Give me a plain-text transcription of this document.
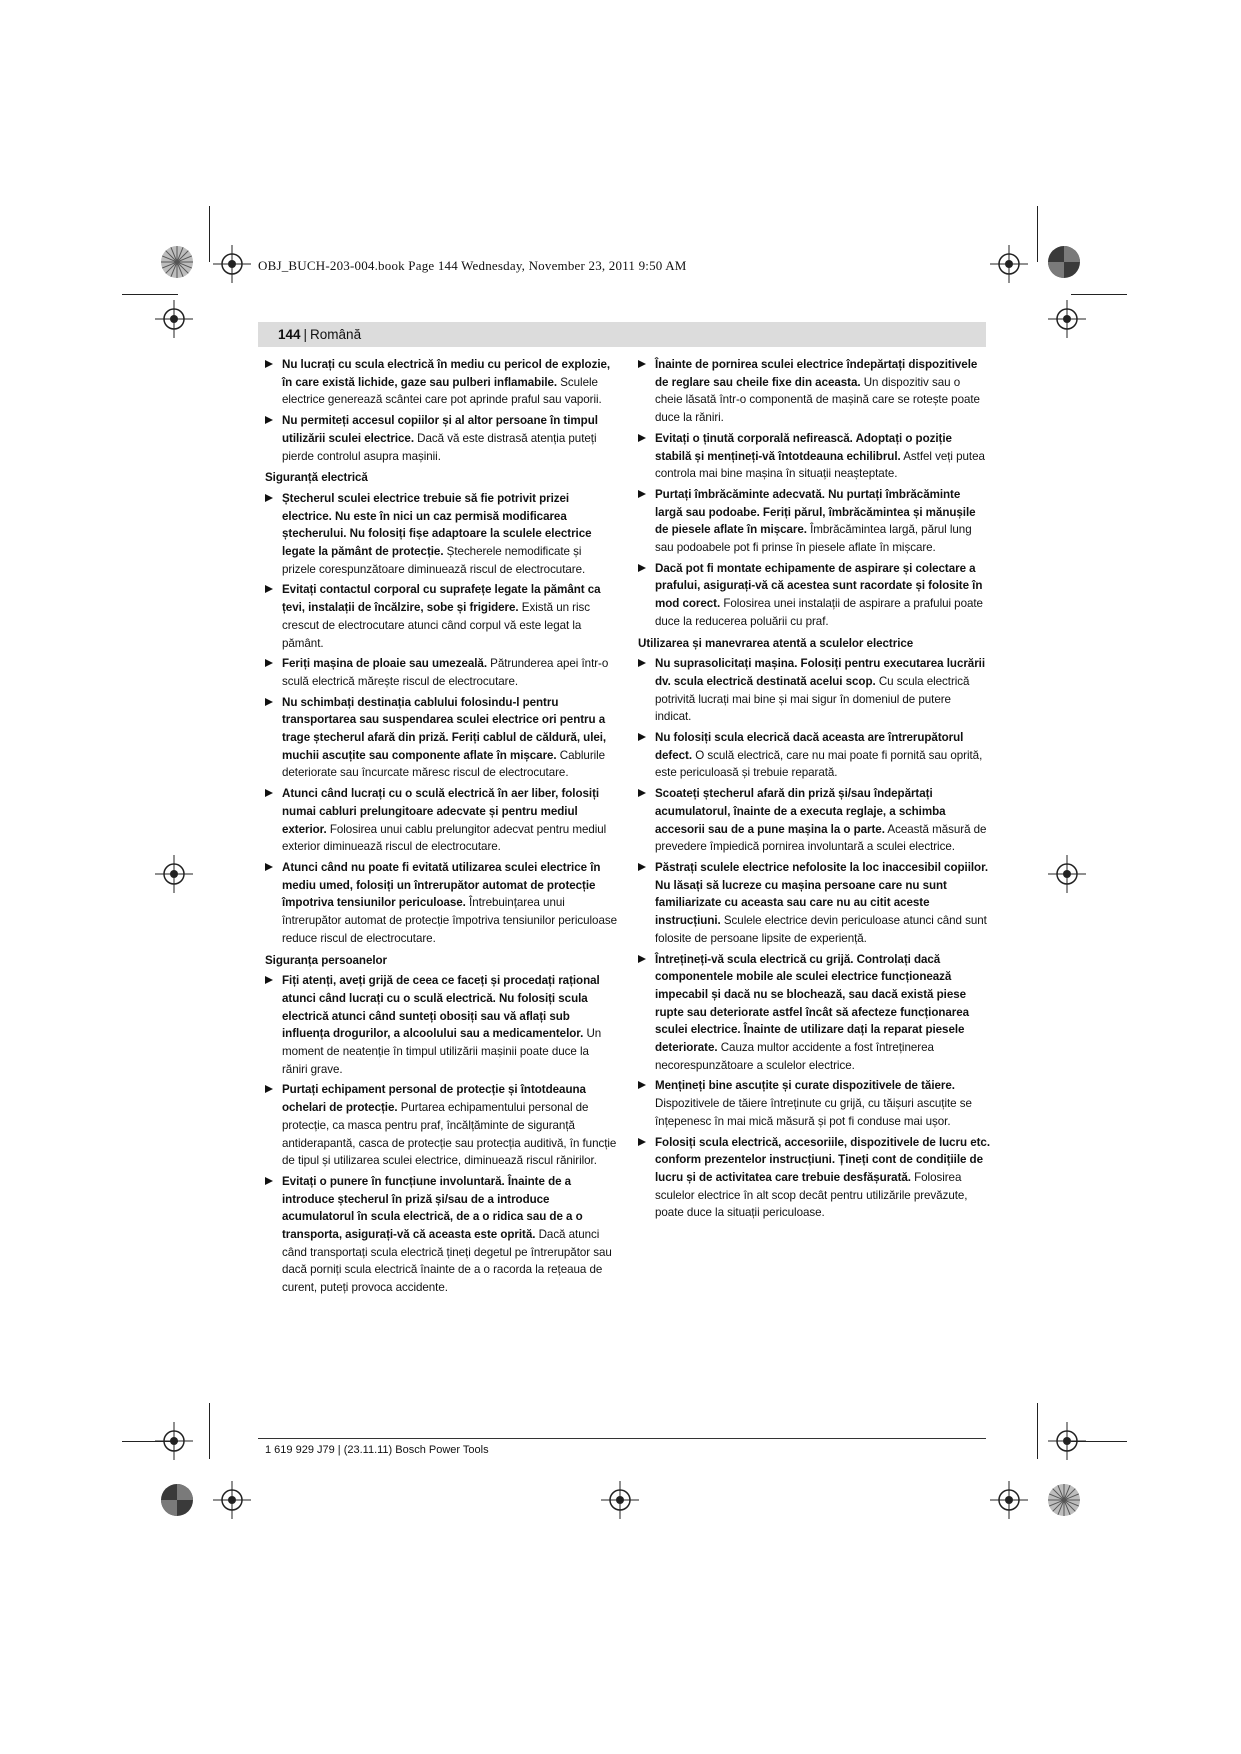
OBJ_BUCH-203-004.book Page 144 Wednesday, November 23, 2011 9:50 AM
144 | Română
Nu lucrați cu scula electrică în mediu cu pericol de explozie, în care există lichide, gaze sau pulberi inflamabile. Sculele electrice generează scântei care pot aprinde praful sau vaporii.
Nu permiteți accesul copiilor și al altor persoane în timpul utilizării sculei electrice. Dacă vă este distrasă atenția puteți pierde controlul asupra mașinii.
Siguranță electrică
Ștecherul sculei electrice trebuie să fie potrivit prizei electrice. Nu este în nici un caz permisă modificarea ștecherului. Nu folosiți fișe adaptoare la sculele electrice legate la pământ de protecție. Ștecherele nemodificate și prizele corespunzătoare diminuează riscul de electrocutare.
Evitați contactul corporal cu suprafețe legate la pământ ca țevi, instalații de încălzire, sobe și frigidere. Există un risc crescut de electrocutare atunci când corpul vă este legat la pământ.
Feriți mașina de ploaie sau umezeală. Pătrunderea apei într-o sculă electrică mărește riscul de electrocutare.
Nu schimbați destinația cablului folosindu-l pentru transportarea sau suspendarea sculei electrice ori pentru a trage ștecherul afară din priză. Feriți cablul de căldură, ulei, muchii ascuțite sau componente aflate în mișcare. Cablurile deteriorate sau încurcate măresc riscul de electrocutare.
Atunci când lucrați cu o sculă electrică în aer liber, folosiți numai cabluri prelungitoare adecvate și pentru mediul exterior. Folosirea unui cablu prelungitor adecvat pentru mediul exterior diminuează riscul de electrocutare.
Atunci când nu poate fi evitată utilizarea sculei electrice în mediu umed, folosiți un întrerupător automat de protecție împotriva tensiunilor periculoase. Întrebuințarea unui întrerupător automat de protecție împotriva tensiunilor periculoase reduce riscul de electrocutare.
Siguranța persoanelor
Fiți atenți, aveți grijă de ceea ce faceți și procedați rațional atunci când lucrați cu o sculă electrică. Nu folosiți scula electrică atunci când sunteți obosiți sau vă aflați sub influența drogurilor, a alcoolului sau a medicamentelor. Un moment de neatenție în timpul utilizării mașinii poate duce la răniri grave.
Purtați echipament personal de protecție și întotdeauna ochelari de protecție. Purtarea echipamentului personal de protecție, ca masca pentru praf, încălțăminte de siguranță antiderapantă, casca de protecție sau protecția auditivă, în funcție de tipul și utilizarea sculei electrice, diminuează riscul rănirilor.
Evitați o punere în funcțiune involuntară. Înainte de a introduce ștecherul în priză și/sau de a introduce acumulatorul în scula electrică, de a o ridica sau de a o transporta, asigurați-vă că aceasta este oprită. Dacă atunci când transportați scula electrică țineți degetul pe întrerupător sau dacă porniți scula electrică înainte de a o racorda la rețeaua de curent, puteți provoca accidente.
Înainte de pornirea sculei electrice îndepărtați dispozitivele de reglare sau cheile fixe din aceasta. Un dispozitiv sau o cheie lăsată într-o componentă de mașină care se rotește poate duce la răniri.
Evitați o ținută corporală nefirească. Adoptați o poziție stabilă și mențineți-vă întotdeauna echilibrul. Astfel veți putea controla mai bine mașina în situații neașteptate.
Purtați îmbrăcăminte adecvată. Nu purtați îmbrăcăminte largă sau podoabe. Feriți părul, îmbrăcămintea și mănușile de piesele aflate în mișcare. Îmbrăcămintea largă, părul lung sau podoabele pot fi prinse în piesele aflate în mișcare.
Dacă pot fi montate echipamente de aspirare și colectare a prafului, asigurați-vă că acestea sunt racordate și folosite în mod corect. Folosirea unei instalații de aspirare a prafului poate duce la reducerea poluării cu praf.
Utilizarea și manevrarea atentă a sculelor electrice
Nu suprasolicitați mașina. Folosiți pentru executarea lucrării dv. scula electrică destinată acelui scop. Cu scula electrică potrivită lucrați mai bine și mai sigur în domeniul de putere indicat.
Nu folosiți scula elecrică dacă aceasta are întrerupătorul defect. O sculă electrică, care nu mai poate fi pornită sau oprită, este periculoasă și trebuie reparată.
Scoateți ștecherul afară din priză și/sau îndepărtați acumulatorul, înainte de a executa reglaje, a schimba accesorii sau de a pune mașina la o parte. Această măsură de prevedere împiedică pornirea involuntară a sculei electrice.
Păstrați sculele electrice nefolosite la loc inaccesibil copiilor. Nu lăsați să lucreze cu mașina persoane care nu sunt familiarizate cu aceasta sau care nu au citit aceste instrucțiuni. Sculele electrice devin periculoase atunci când sunt folosite de persoane lipsite de experiență.
Întrețineți-vă scula electrică cu grijă. Controlați dacă componentele mobile ale sculei electrice funcționează impecabil și dacă nu se blochează, sau dacă există piese rupte sau deteriorate astfel încât să afecteze funcționarea sculei electrice. Înainte de utilizare dați la reparat piesele deteriorate. Cauza multor accidente a fost întreținerea necorespunzătoare a sculelor electrice.
Mențineți bine ascuțite și curate dispozitivele de tăiere. Dispozitivele de tăiere întreținute cu grijă, cu tăișuri ascuțite se înțepenesc în mai mică măsură și pot fi conduse mai ușor.
Folosiți scula electrică, accesoriile, dispozitivele de lucru etc. conform prezentelor instrucțiuni. Țineți cont de condițiile de lucru și de activitatea care trebuie desfășurată. Folosirea sculelor electrice în alt scop decât pentru utilizările prevăzute, poate duce la situații periculoase.
1 619 929 J79 | (23.11.11) Bosch Power Tools
